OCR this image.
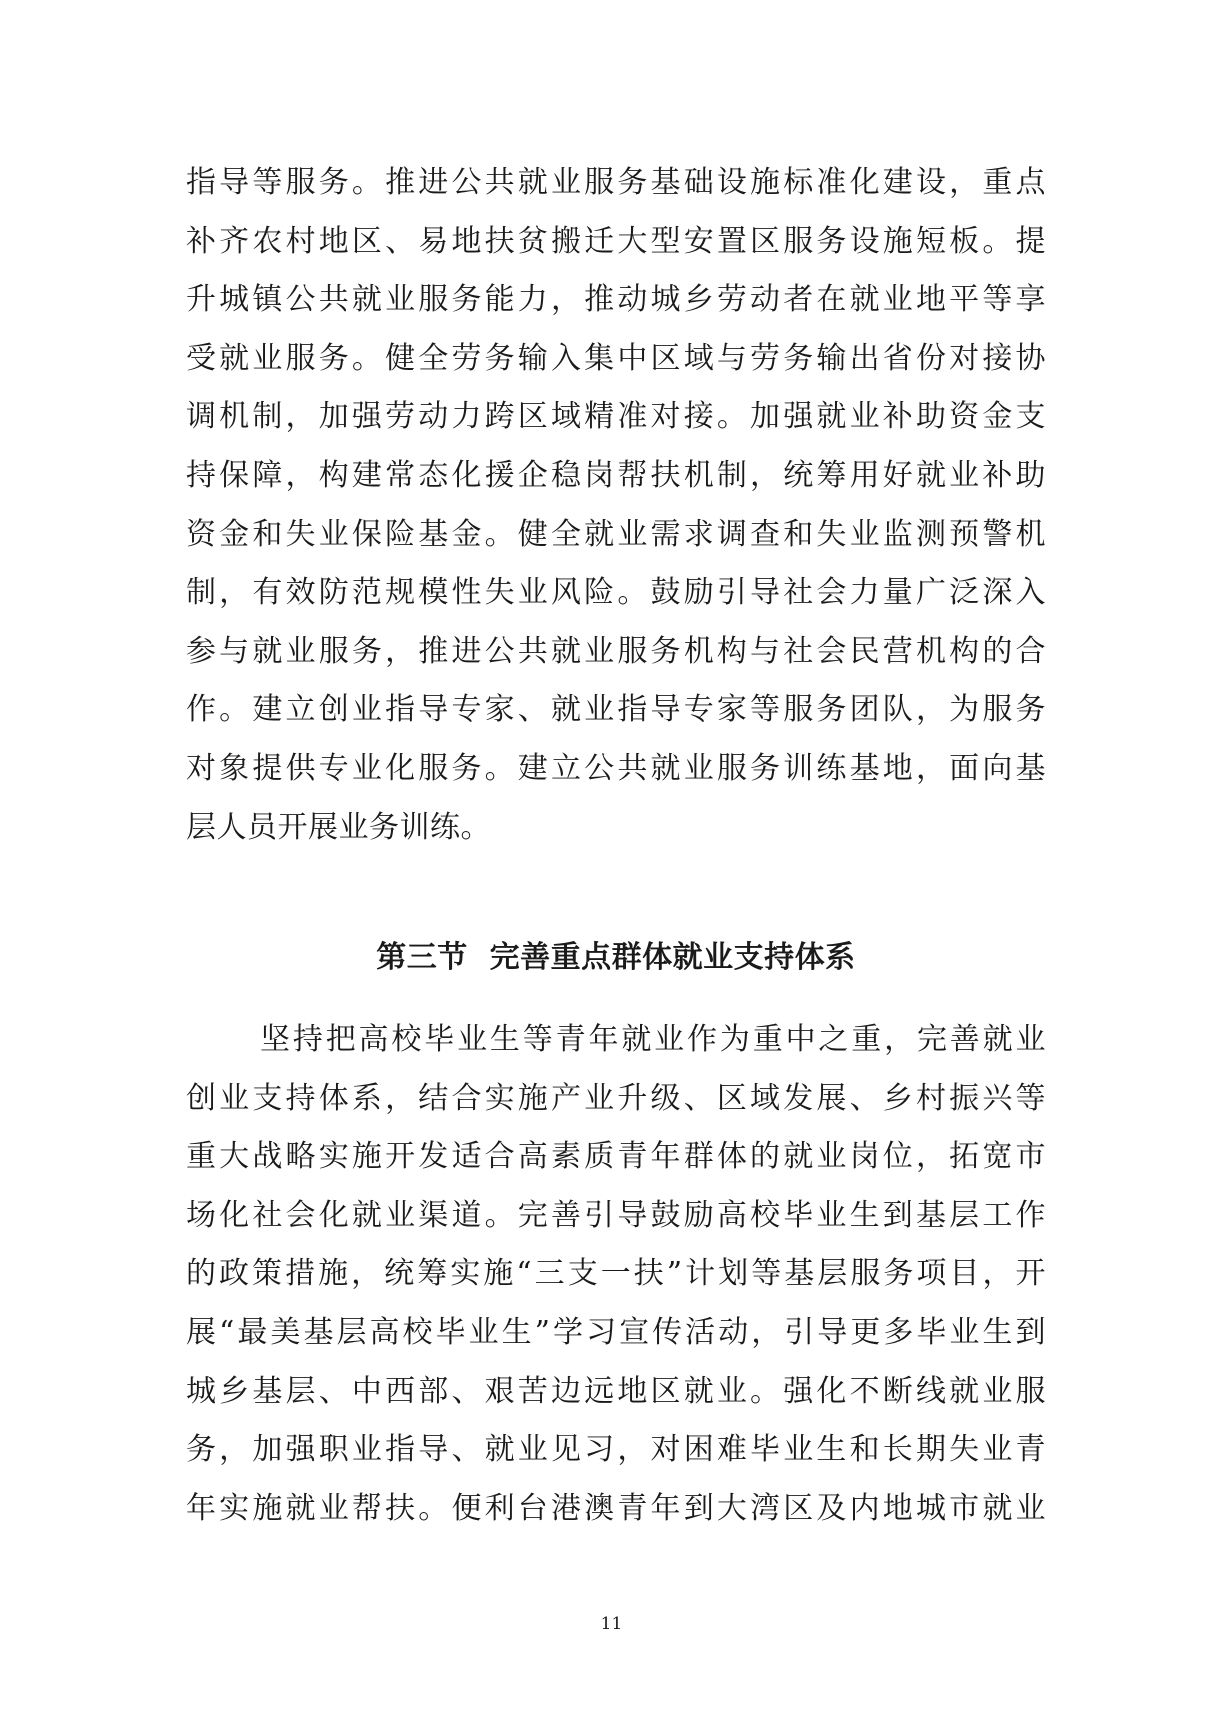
指导等服务。推进公共就业服务基础设施标准化建设，重点
补齐农村地区、易地扶贫搬迁大型安置区服务设施短板。提
升城镇公共就业服务能力，推动城乡劳动者在就业地平等享
受就业服务。健全劳务输入集中区域与劳务输出省份对接协
调机制，加强劳动力跨区域精准对接。加强就业补助资金支
持保障，构建常态化援企稳岗帮扶机制，统筹用好就业补助
资金和失业保险基金。健全就业需求调查和失业监测预警机
制，有效防范规模性失业风险。鼓励引导社会力量广泛深入
参与就业服务，推进公共就业服务机构与社会民营机构的合
作。建立创业指导专家、就业指导专家等服务团队，为服务
对象提供专业化服务。建立公共就业服务训练基地，面向基
层人员开展业务训练。
第三节  完善重点群体就业支持体系
坚持把高校毕业生等青年就业作为重中之重，完善就业
创业支持体系，结合实施产业升级、区域发展、乡村振兴等
重大战略实施开发适合高素质青年群体的就业岗位，拓宽市
场化社会化就业渠道。完善引导鼓励高校毕业生到基层工作
的政策措施，统筹实施“三支一扶”计划等基层服务项目，开
展“最美基层高校毕业生”学习宣传活动，引导更多毕业生到
城乡基层、中西部、艰苦边远地区就业。强化不断线就业服
务，加强职业指导、就业见习，对困难毕业生和长期失业青
年实施就业帮扶。便利台港澳青年到大湾区及内地城市就业
11
